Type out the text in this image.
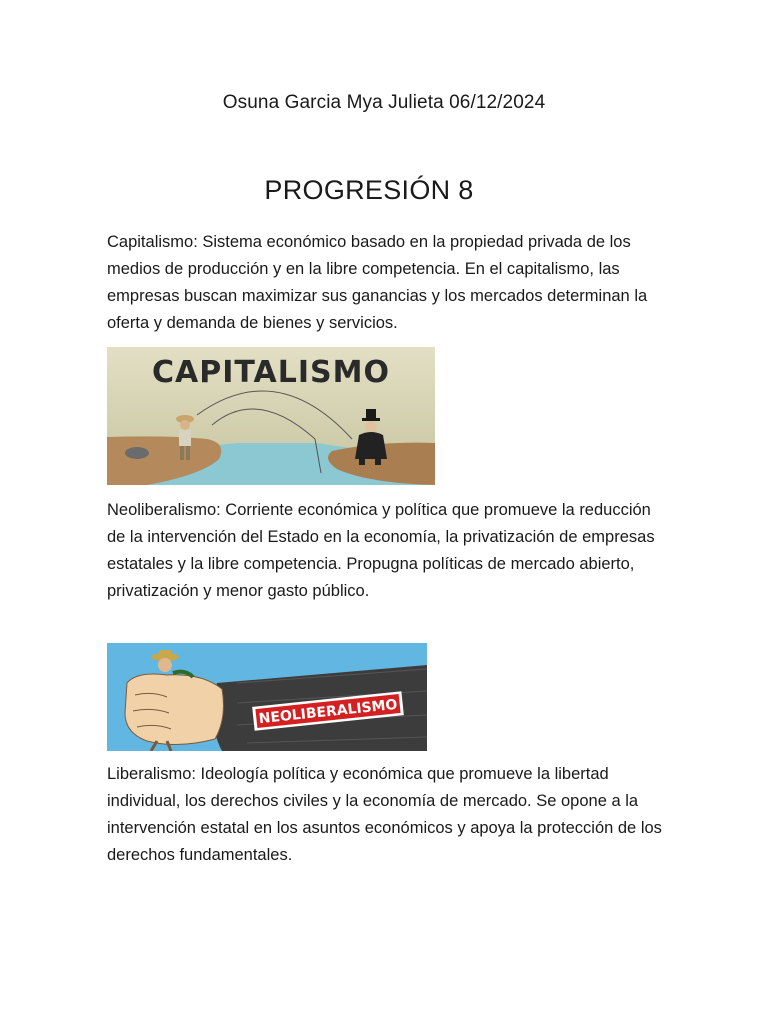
Osuna Garcia Mya Julieta 06/12/2024
PROGRESIÓN 8

Capitalismo: Sistema económico basado en la propiedad privada de los medios de producción y en la libre competencia. En el capitalismo, las empresas buscan maximizar sus ganancias y los mercados determinan la oferta y demanda de bienes y servicios.

CAPITALISMO

Neoliberalismo: Corriente económica y política que promueve la reducción de la intervención del Estado en la economía, la privatización de empresas estatales y la libre competencia. Propugna políticas de mercado abierto, privatización y menor gasto público.

NEOLIBERALISMO

Liberalismo: Ideología política y económica que promueve la libertad individual, los derechos civiles y la economía de mercado. Se opone a la intervención estatal en los asuntos económicos y apoya la protección de los derechos fundamentales.
